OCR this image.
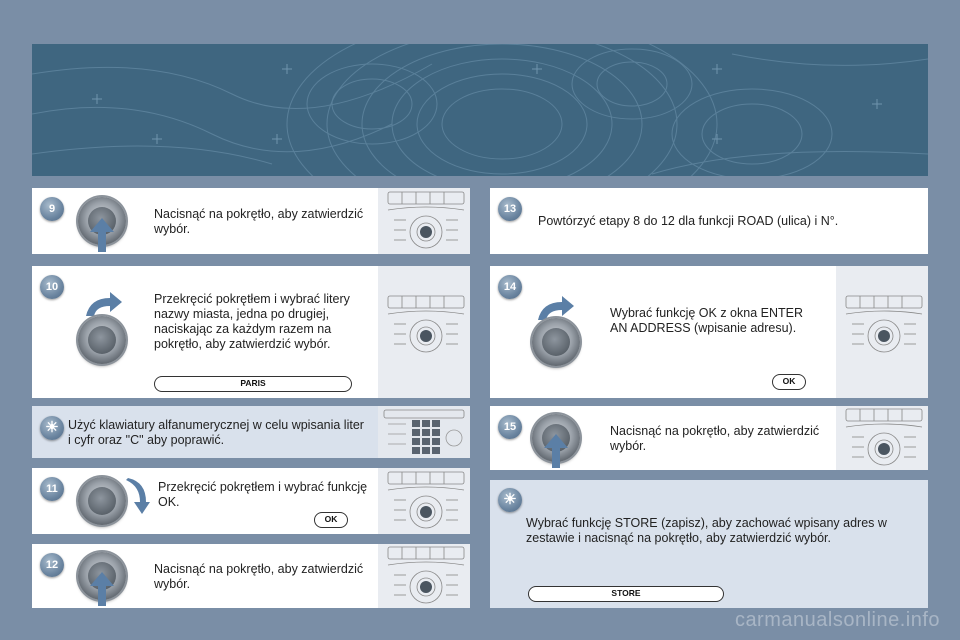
9	Nacisnąć na pokrętło, aby zatwierdzić wybór.
10
Przekręcić pokrętłem i wybrać litery nazwy miasta, jedna po drugiej, naciskając za każdym razem na pokrętło, aby zatwierdzić wybór.
PARIS
☀ Użyć klawiatury alfanumerycznej w celu wpisania liter i cyfr oraz "C" aby poprawić.
11	Przekręcić pokrętłem i wybrać funkcję OK.
OK
12	Nacisnąć na pokrętło, aby zatwierdzić wybór.
13
Powtórzyć etapy 8 do 12 dla funkcji ROAD (ulica) i N°.
14
Wybrać funkcję OK z okna ENTER AN ADDRESS (wpisanie adresu).
OK
15	Nacisnąć na pokrętło, aby zatwierdzić wybór.
☀
Wybrać funkcję STORE (zapisz), aby zachować wpisany adres w zestawie i nacisnąć na pokrętło, aby zatwierdzić wybór.
STORE
carmanualsonline.info
